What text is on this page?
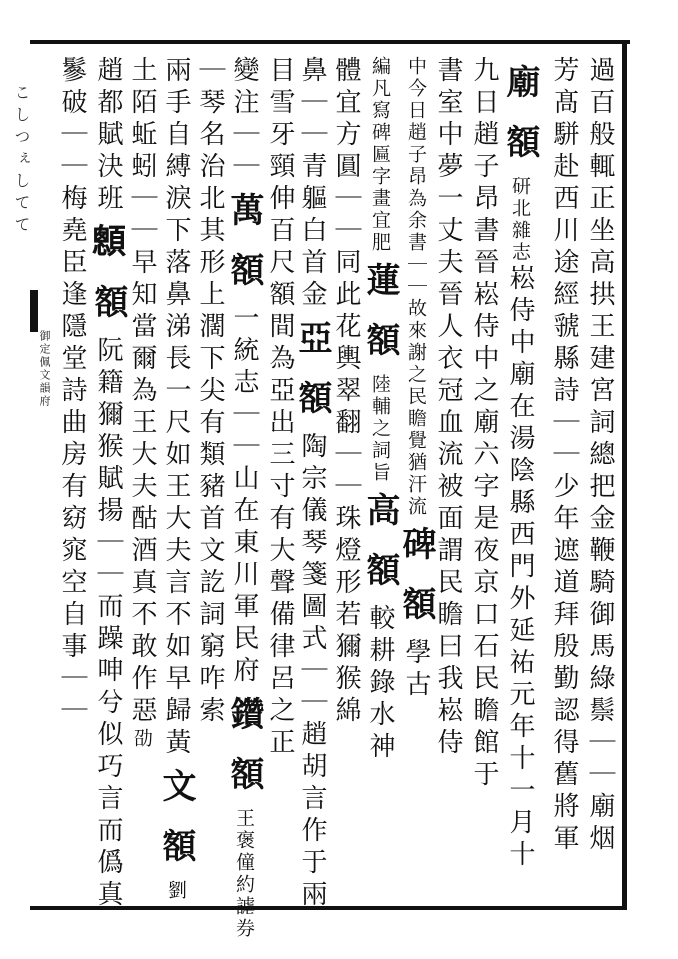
こしつぇしてて
御定佩文韻府	過百般輒正坐高拱王建宮詞總把金鞭騎御馬綠鬃｜｜廟烟
芳髙駢赴西川途經虢縣詩｜｜少年遮道拜殷勤認得舊將軍
廟額研北雜志崧侍中廟在湯陰縣西門外延祐元年十一月十
九日趙子昂書晉崧侍中之廟六字是夜京口石民瞻館于
書室中夢一丈夫晉人衣冠血流被面謂民瞻曰我崧侍
中今日趙子昂為余書｜｜故來謝之民瞻覺猶汗流碑額學古
編凡寫碑匾字畫宜肥蓮額陸輔之詞旨高額較耕錄水神
體宜方圓｜｜同此花輿翠翻｜｜珠燈形若獮猴綿
鼻｜｜青軀白首金亞額陶宗儀琴箋圖式｜｜趙胡言作于兩
目雪牙頸伸百尺額間為亞出三寸有大聲備律呂之正
變注｜｜萬額一統志｜｜山在東川軍民府鑽額王褒僮約謔券
｜琴名治北其形上濶下尖有類豬首文訖詞窮咋索
兩手自縛淚下落鼻涕長一尺如王大夫言不如早歸黃文額劉
土陌蚯蚓｜｜早知當爾為王大夫酤酒真不敢作惡劭
趙都賦決班𩕄額阮籍獮猴賦揚｜｜而躁呻兮似巧言而僞真
鬖破｜｜梅堯臣逢隱堂詩曲房有窈窕空自事｜｜
